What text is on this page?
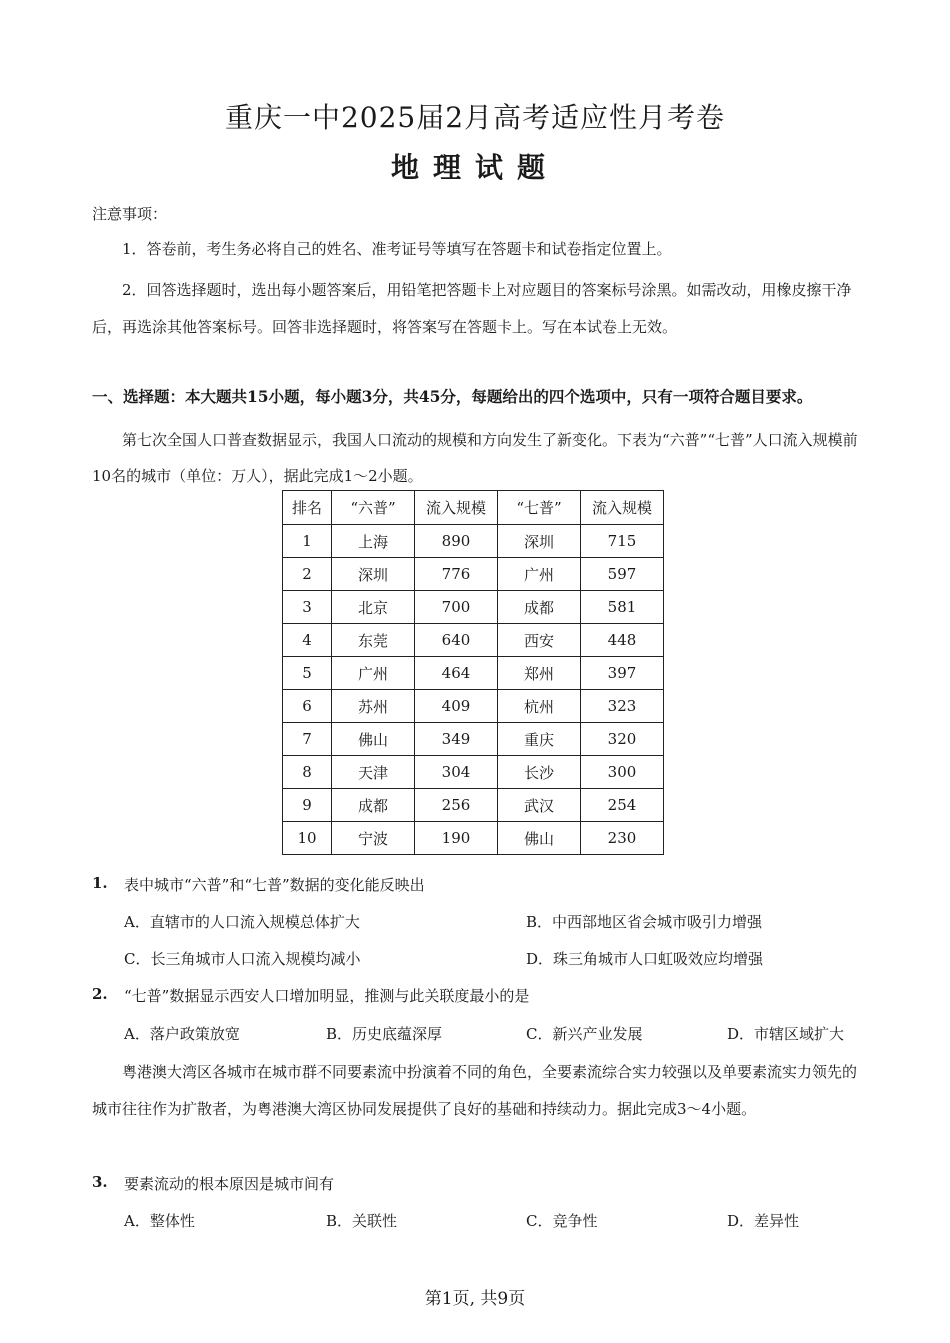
重庆一中2025届2月高考适应性月考卷
地理试题
注意事项：
1．答卷前，考生务必将自己的姓名、准考证号等填写在答题卡和试卷指定位置上。
2．回答选择题时，选出每小题答案后，用铅笔把答题卡上对应题目的答案标号涂黑。如需改动，用橡皮擦干净后，再选涂其他答案标号。回答非选择题时，将答案写在答题卡上。写在本试卷上无效。
一、选择题：本大题共15小题，每小题3分，共45分，每题给出的四个选项中，只有一项符合题目要求。
第七次全国人口普查数据显示，我国人口流动的规模和方向发生了新变化。下表为“六普”“七普”人口流入规模前10名的城市（单位：万人），据此完成1～2小题。
排名	“六普”	流入规模	“七普”	流入规模
1	上海	890	深圳	715
2	深圳	776	广州	597
3	北京	700	成都	581
4	东莞	640	西安	448
5	广州	464	郑州	397
6	苏州	409	杭州	323
7	佛山	349	重庆	320
8	天津	304	长沙	300
9	成都	256	武汉	254
10	宁波	190	佛山	230
1. 表中城市“六普”和“七普”数据的变化能反映出
A．直辖市的人口流入规模总体扩大	B．中西部地区省会城市吸引力增强
C．长三角城市人口流入规模均减小	D．珠三角城市人口虹吸效应均增强
2. “七普”数据显示西安人口增加明显，推测与此关联度最小的是
A．落户政策放宽	B．历史底蕴深厚	C．新兴产业发展	D．市辖区域扩大
粤港澳大湾区各城市在城市群不同要素流中扮演着不同的角色，全要素流综合实力较强以及单要素流实力领先的城市往往作为扩散者，为粤港澳大湾区协同发展提供了良好的基础和持续动力。据此完成3～4小题。
3. 要素流动的根本原因是城市间有
A．整体性	B．关联性	C．竞争性	D．差异性
第1页, 共9页
